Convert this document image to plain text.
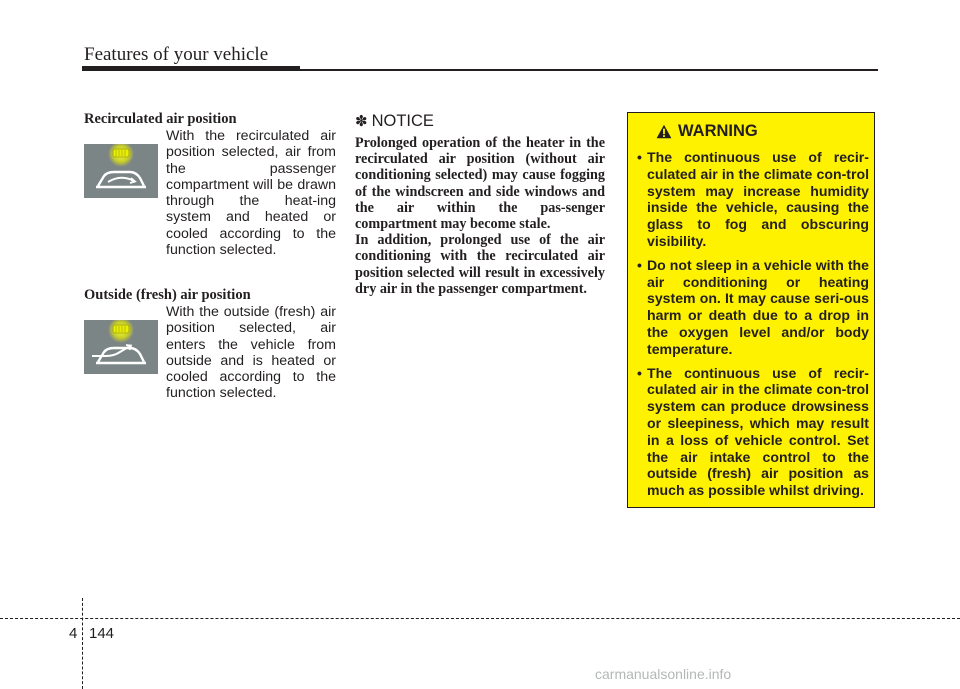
Features of your vehicle

Recirculated air position

With the recirculated air position selected, air from the passenger compartment will be drawn through the heat-ing system and heated or cooled according to the function selected.

Outside (fresh) air position

With the outside (fresh) air position selected, air enters the vehicle from outside and is heated or cooled according to the function selected.

✽ NOTICE

Prolonged operation of the heater in the recirculated air position (without air conditioning selected) may cause fogging of the windscreen and side windows and the air within the pas-senger compartment may become stale.

In addition, prolonged use of the air conditioning with the recirculated air position selected will result in excessively dry air in the passenger compartment.

WARNING
• The continuous use of recir-culated air in the climate con-trol system may increase humidity inside the vehicle, causing the glass to fog and obscuring visibility.
• Do not sleep in a vehicle with the air conditioning or heating system on. It may cause seri-ous harm or death due to a drop in the oxygen level and/or body temperature.
• The continuous use of recir-culated air in the climate con-trol system can produce drowsiness or sleepiness, which may result in a loss of vehicle control. Set the air intake control to the outside (fresh) air position as much as possible whilst driving.
4 144
carmanualsonline.info
